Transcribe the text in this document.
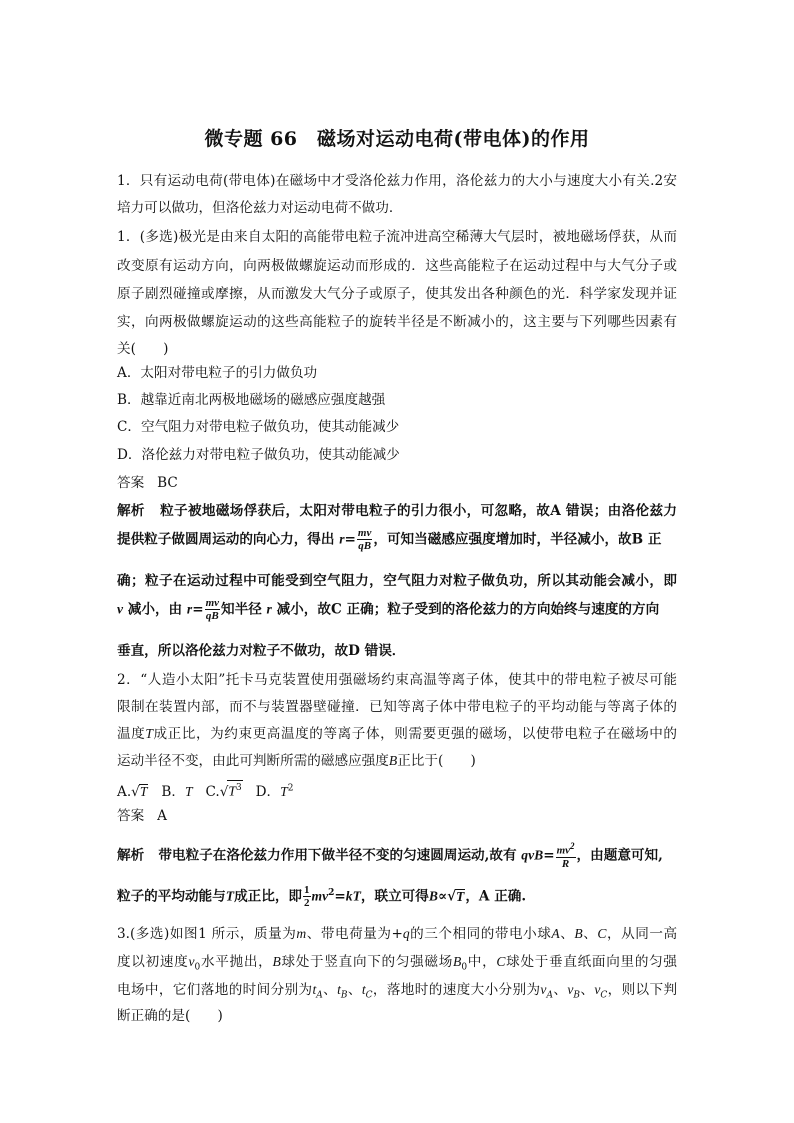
微专题 66　磁场对运动电荷(带电体)的作用
1．只有运动电荷(带电体)在磁场中才受洛伦兹力作用，洛伦兹力的大小与速度大小有关.2安
培力可以做功，但洛伦兹力对运动电荷不做功．
1．(多选)极光是由来自太阳的高能带电粒子流冲进高空稀薄大气层时，被地磁场俘获，从而
改变原有运动方向，向两极做螺旋运动而形成的．这些高能粒子在运动过程中与大气分子或
原子剧烈碰撞或摩擦，从而激发大气分子或原子，使其发出各种颜色的光．科学家发现并证
实，向两极做螺旋运动的这些高能粒子的旋转半径是不断减小的，这主要与下列哪些因素有
关(　　)
A．太阳对带电粒子的引力做负功
B．越靠近南北两极地磁场的磁感应强度越强
C．空气阻力对带电粒子做负功，使其动能减少
D．洛伦兹力对带电粒子做负功，使其动能减少
答案 BC
解析 粒子被地磁场俘获后，太阳对带电粒子的引力很小，可忽略，故A 错误；由洛伦兹力
提供粒子做圆周运动的向心力，得出 $r= \frac{mv}{qB}$ ，可知当磁感应强度增加时，半径减小，故B 正
确；粒子在运动过程中可能受到空气阻力，空气阻力对粒子做负功，所以其动能会减小，即
v 减小，由 $r= \frac{mv}{qB}$ 知半径 r 减小，故C 正确；粒子受到的洛伦兹力的方向始终与速度的方向
垂直，所以洛伦兹力对粒子不做功，故D 错误．
2．“人造小太阳”托卡马克装置使用强磁场约束高温等离子体，使其中的带电粒子被尽可能
限制在装置内部，而不与装置器壁碰撞．已知等离子体中带电粒子的平均动能与等离子体的
温度T成正比，为约束更高温度的等离子体，则需要更强的磁场，以使带电粒子在磁场中的
运动半径不变，由此可判断所需的磁感应强度B正比于(　　)
A.√T B．T $C.√T^3$ D．$T^2$
答案 A
解析 带电粒子在洛伦兹力作用下做半径不变的匀速圆周运动,故有 $qvB= \frac{mv^2}{R}$ ，由题意可知,
粒子的平均动能与T成正比，即 $\frac{1}{2} mv^2=kT$，联立可得B∝√T，A 正确.
3.(多选)如图1 所示，质量为m、带电荷量为+q的三个相同的带电小球A、B、C，从同一高
度以初速度$v_0$水平抛出，B球处于竖直向下的匀强磁场$B_0$中，C球处于垂直纸面向里的匀强
电场中，它们落地的时间分别为$t_A$、$t_B$、$t_C$，落地时的速度大小分别为$v_A$、$v_B$、$v_C$，则以下判
断正确的是(　　)
